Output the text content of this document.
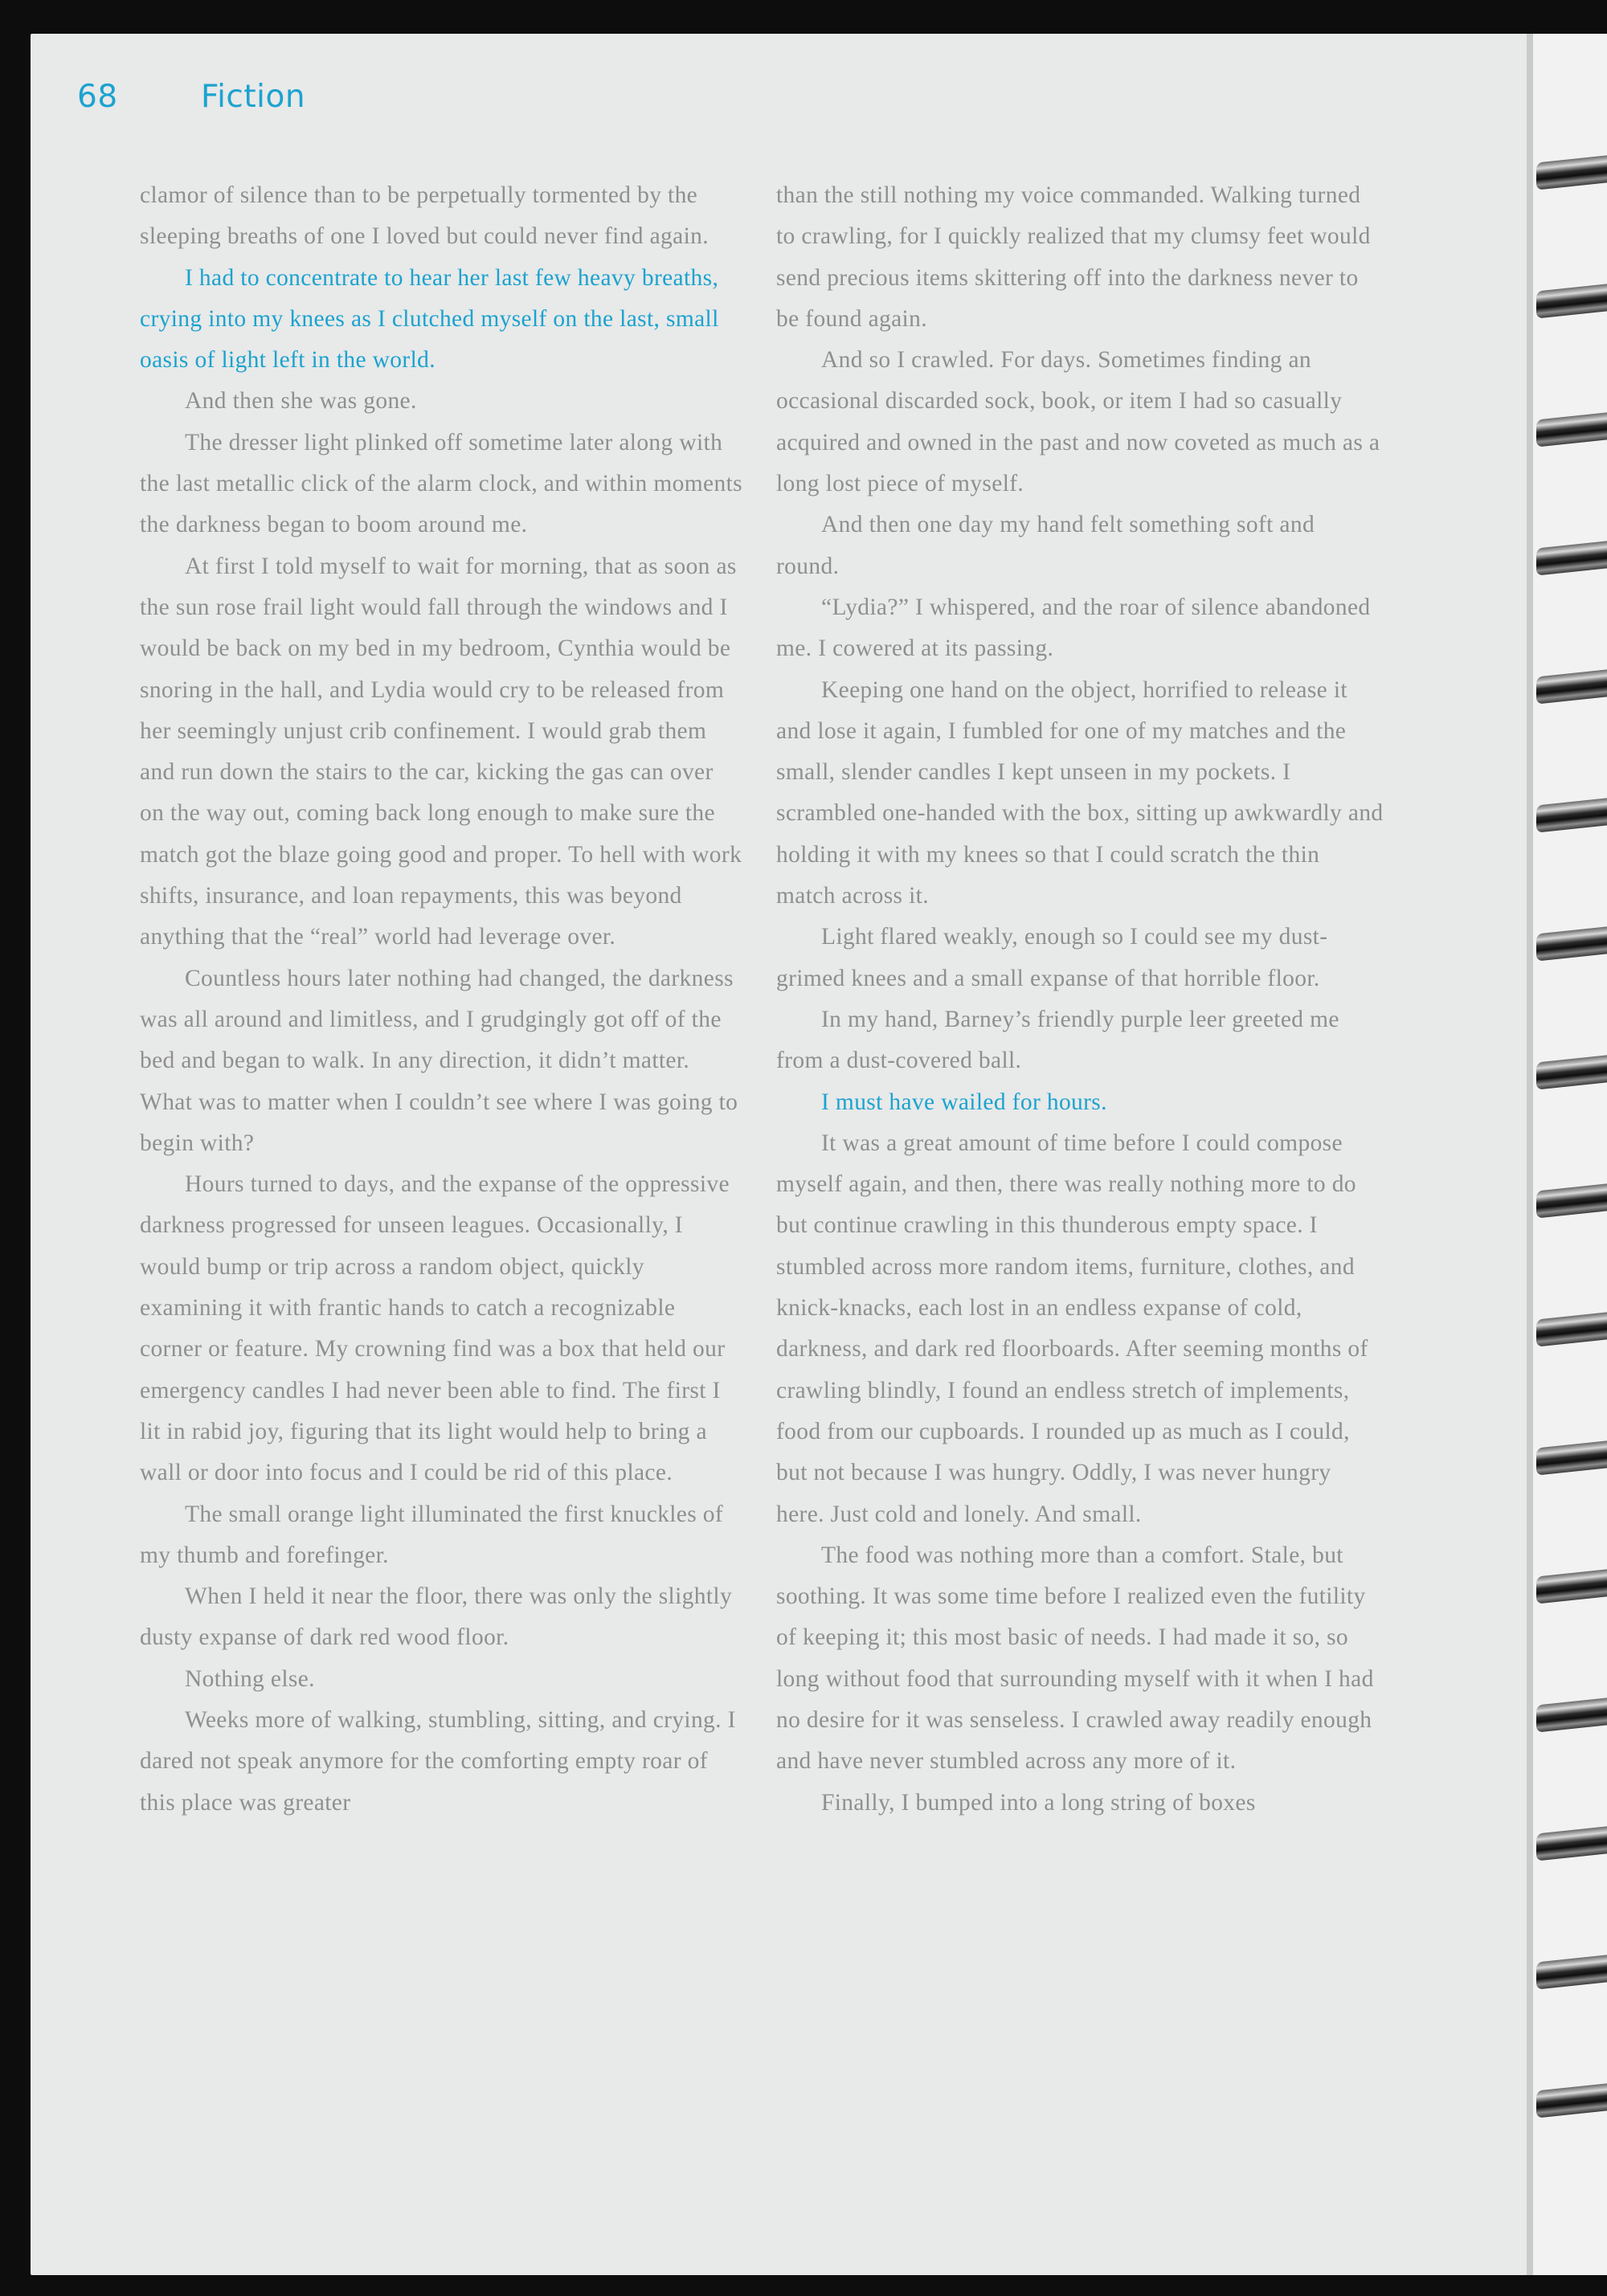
68	Fiction

clamor of silence than to be perpetually tormented by the sleeping breaths of one I loved but could never find again.

I had to concentrate to hear her last few heavy breaths, crying into my knees as I clutched myself on the last, small oasis of light left in the world.

And then she was gone.

The dresser light plinked off sometime later along with the last metallic click of the alarm clock, and within moments the darkness began to boom around me.

At first I told myself to wait for morning, that as soon as the sun rose frail light would fall through the windows and I would be back on my bed in my bedroom, Cynthia would be snoring in the hall, and Lydia would cry to be released from her seemingly unjust crib confinement. I would grab them and run down the stairs to the car, kicking the gas can over on the way out, coming back long enough to make sure the match got the blaze going good and proper. To hell with work shifts, insurance, and loan repayments, this was beyond anything that the “real” world had leverage over.

Countless hours later nothing had changed, the darkness was all around and limitless, and I grudgingly got off of the bed and began to walk. In any direction, it didn’t matter. What was to matter when I couldn’t see where I was going to begin with?

Hours turned to days, and the expanse of the oppressive darkness progressed for unseen leagues. Occasionally, I would bump or trip across a random object, quickly examining it with frantic hands to catch a recognizable corner or feature. My crowning find was a box that held our emergency candles I had never been able to find. The first I lit in rabid joy, figuring that its light would help to bring a wall or door into focus and I could be rid of this place.

The small orange light illuminated the first knuckles of my thumb and forefinger.

When I held it near the floor, there was only the slightly dusty expanse of dark red wood floor.

Nothing else.

Weeks more of walking, stumbling, sitting, and crying. I dared not speak anymore for the comforting empty roar of this place was greater

than the still nothing my voice commanded. Walking turned to crawling, for I quickly realized that my clumsy feet would send precious items skittering off into the darkness never to be found again.

And so I crawled. For days. Sometimes finding an occasional discarded sock, book, or item I had so casually acquired and owned in the past and now coveted as much as a long lost piece of myself.

And then one day my hand felt something soft and round.

“Lydia?” I whispered, and the roar of silence abandoned me. I cowered at its passing.

Keeping one hand on the object, horrified to release it and lose it again, I fumbled for one of my matches and the small, slender candles I kept unseen in my pockets. I scrambled one-handed with the box, sitting up awkwardly and holding it with my knees so that I could scratch the thin match across it.

Light flared weakly, enough so I could see my dust-grimed knees and a small expanse of that horrible floor.

In my hand, Barney’s friendly purple leer greeted me from a dust-covered ball.

I must have wailed for hours.

It was a great amount of time before I could compose myself again, and then, there was really nothing more to do but continue crawling in this thunderous empty space. I stumbled across more random items, furniture, clothes, and knick-knacks, each lost in an endless expanse of cold, darkness, and dark red floorboards. After seeming months of crawling blindly, I found an endless stretch of implements, food from our cupboards. I rounded up as much as I could, but not because I was hungry. Oddly, I was never hungry here. Just cold and lonely. And small.

The food was nothing more than a comfort. Stale, but soothing. It was some time before I realized even the futility of keeping it; this most basic of needs. I had made it so, so long without food that surrounding myself with it when I had no desire for it was senseless. I crawled away readily enough and have never stumbled across any more of it.

Finally, I bumped into a long string of boxes
